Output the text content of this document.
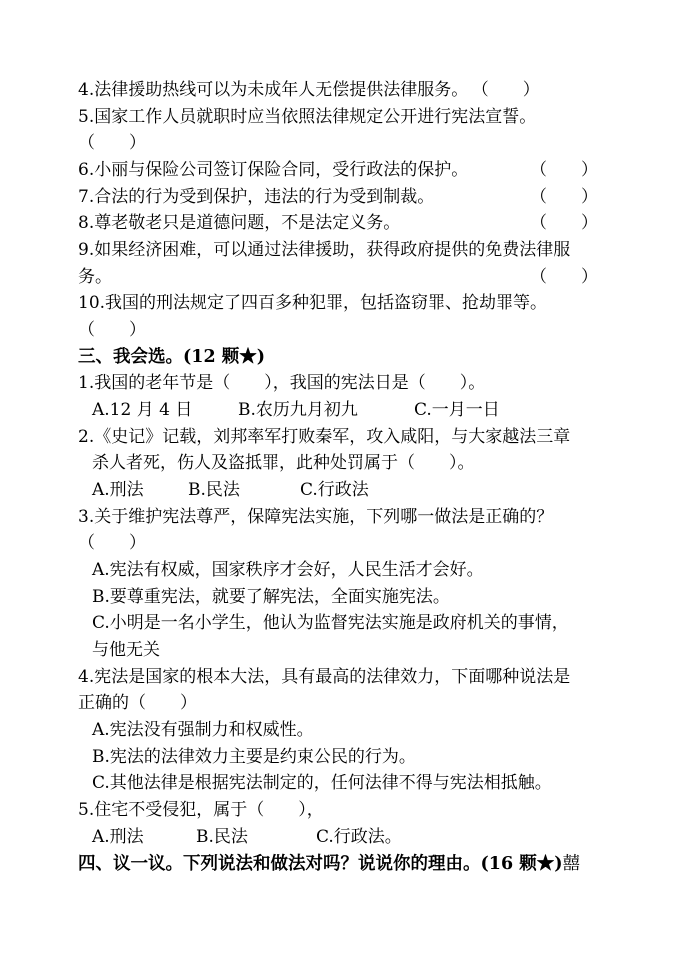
4.法律援助热线可以为未成年人无偿提供法律服务。 （　　）
5.国家工作人员就职时应当依照法律规定公开进行宪法宣誓。
（　　）
6.小丽与保险公司签订保险合同，受行政法的保护。	（　　）
7.合法的行为受到保护，违法的行为受到制裁。	（　　）
8.尊老敬老只是道德问题，不是法定义务。	（　　）
9.如果经济困难，可以通过法律援助，获得政府提供的免费法律服
务。	（　　）
10.我国的刑法规定了四百多种犯罪，包括盗窃罪、抢劫罪等。
（　　）
三、我会选。(12 颗★)
1.我国的老年节是（　　），我国的宪法日是（　　）。
A.12 月 4 日	B.农历九月初九	C.一月一日
2.《史记》记载，刘邦率军打败秦军，攻入咸阳，与大家越法三章
杀人者死，伤人及盗抵罪，此种处罚属于（　　）。
A.刑法	B.民法	C.行政法
3.关于维护宪法尊严，保障宪法实施，下列哪一做法是正确的？
（　　）
A.宪法有权威，国家秩序才会好，人民生活才会好。
B.要尊重宪法，就要了解宪法，全面实施宪法。
C.小明是一名小学生，他认为监督宪法实施是政府机关的事情，
与他无关
4.宪法是国家的根本大法，具有最高的法律效力，下面哪种说法是
正确的（　　）
A.宪法没有强制力和权威性。
B.宪法的法律效力主要是约束公民的行为。
C.其他法律是根据宪法制定的，任何法律不得与宪法相抵触。
5.住宅不受侵犯，属于（　　），
A.刑法	B.民法	C.行政法。
四、议一议。下列说法和做法对吗？说说你的理由。(16 颗★)囍
